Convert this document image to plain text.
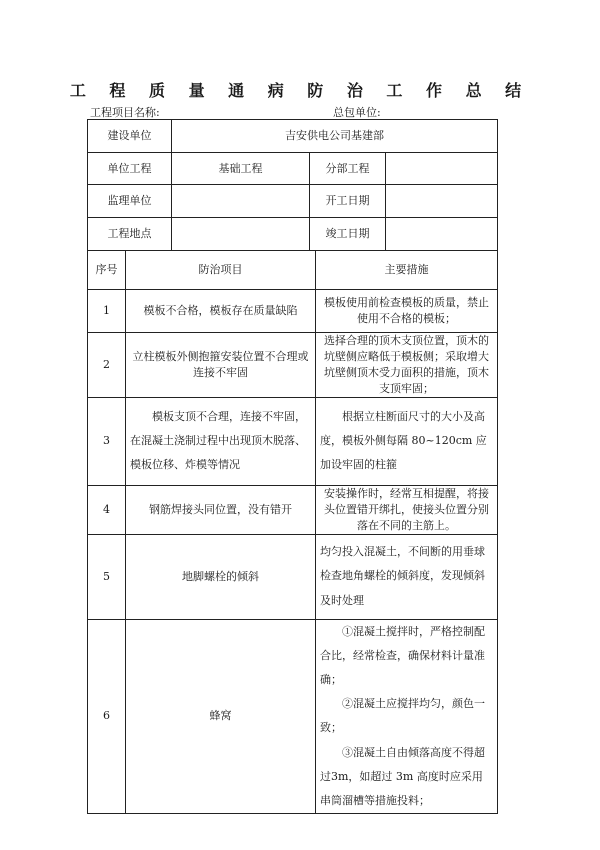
工 程 质 量 通 病 防 治 工 作 总 结
工程项目名称:	总包单位:
建设单位	吉安供电公司基建部		
单位工程	基础工程	分部工程	
监理单位		开工日期	
工程地点		竣工日期	
序号	防治项目	主要措施
1	模板不合格，模板存在质量缺陷	模板使用前检查模板的质量，禁止使用不合格的模板；
2	立柱模板外侧抱箍安装位置不合理或连接不牢固	选择合理的顶木支顶位置，顶木的坑壁侧应略低于模板侧；采取增大坑壁侧顶木受力面积的措施，顶木支顶牢固；
3	模板支顶不合理，连接不牢固，在混凝土浇制过程中出现顶木脱落、模板位移、炸模等情况	根据立柱断面尺寸的大小及高度，模板外侧每隔 80~120cm 应加设牢固的柱箍
4	钢筋焊接头同位置，没有错开	安装操作时，经常互相提醒，将接头位置错开绑扎，使接头位置分别落在不同的主筋上。
5	地脚螺栓的倾斜	均匀投入混凝土，不间断的用垂球检查地角螺栓的倾斜度，发现倾斜及时处理
6	蜂窝	①混凝土搅拌时，严格控制配合比，经常检查，确保材料计量准确；

②混凝土应搅拌均匀，颜色一致；

③混凝土自由倾落高度不得超过3m，如超过 3m 高度时应采用串筒溜槽等措施投料；
